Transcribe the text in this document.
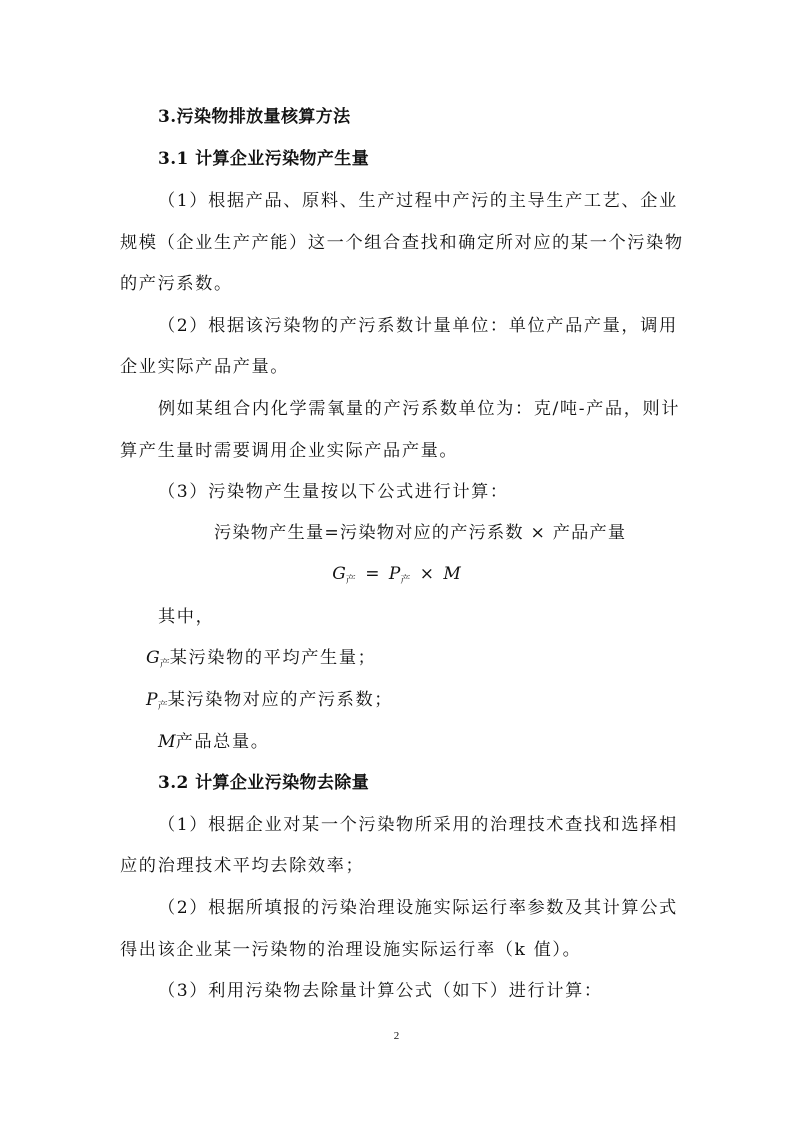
3.污染物排放量核算方法
3.1 计算企业污染物产生量
（1）根据产品、原料、生产过程中产污的主导生产工艺、企业
规模（企业生产产能）这一个组合查找和确定所对应的某一个污染物
的产污系数。
（2）根据该污染物的产污系数计量单位：单位产品产量，调用
企业实际产品产量。
例如某组合内化学需氧量的产污系数单位为：克/吨-产品，则计
算产生量时需要调用企业实际产品产量。
（3）污染物产生量按以下公式进行计算：
污染物产生量=污染物对应的产污系数 × 产品产量
$G_产 = P_产 \times M$
其中，
$G_产$某污染物的平均产生量；
$P_产$某污染物对应的产污系数；
M产品总量。
3.2 计算企业污染物去除量
（1）根据企业对某一个污染物所采用的治理技术查找和选择相
应的治理技术平均去除效率；
（2）根据所填报的污染治理设施实际运行率参数及其计算公式
得出该企业某一污染物的治理设施实际运行率（k 值）。
（3）利用污染物去除量计算公式（如下）进行计算：
2
